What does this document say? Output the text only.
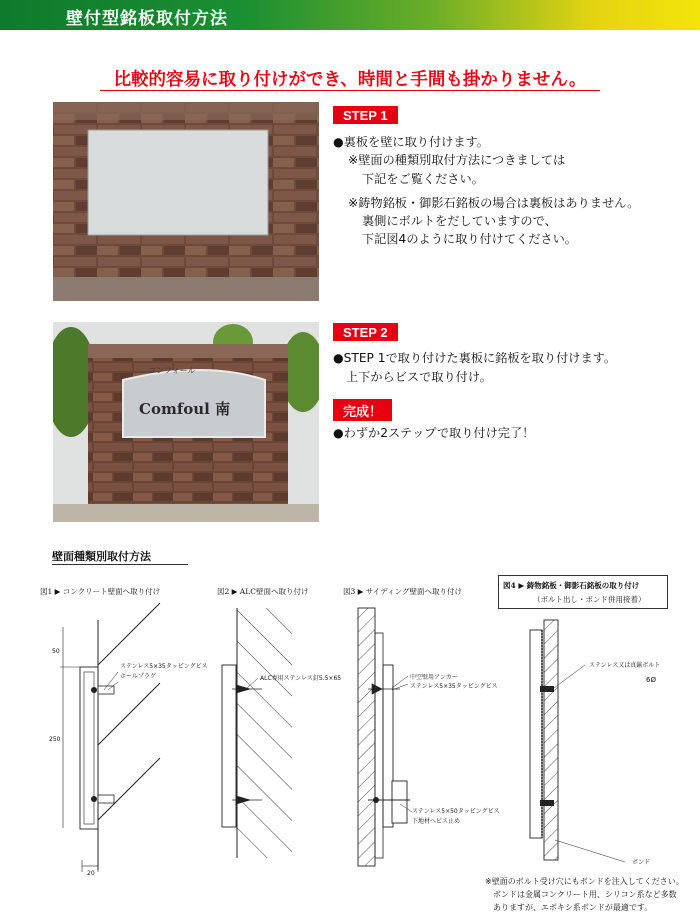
壁付型銘板取付方法
比較的容易に取り付けができ、時間と手間も掛かりません。
STEP 1
●裏板を壁に取り付けます。
※壁面の種類別取付方法につきましては
下記をご覧ください。
※鋳物銘板・御影石銘板の場合は裏板はありません。
裏側にボルトをだしていますので、
下記図4のように取り付けてください。
コンフォール
Comfoul 南
STEP 2
●STEP 1で取り付けた裏板に銘板を取り付けます。
上下からビスで取り付け。
完成！
●わずか2ステップで取り付け完了！
壁面種類別取付方法
図1 ▶ コンクリート壁面へ取り付け	図2 ▶ ALC壁面へ取り付け	図3 ▶ サイディング壁面へ取り付け
図4 ▶ 鋳物銘板・御影石銘板の取り付け
（ボルト出し・ボンド併用接着）
50
250
20
ステンレス5×35タッピングビス
ホールプラグ	ALC専用ステンレス釘5.5×65	中空壁用アンカー
ステンレス5×35タッピングビス
ステンレス5×50タッピングビス
下地材へビス止め
ステンレス又は真鍮ボルト
6Ø
ボンド
※壁面のボルト受け穴にもボンドを注入してください。
ボンドは金属コンクリート用、シリコン系など多数
ありますが、エポキシ系ボンドが最適です。
